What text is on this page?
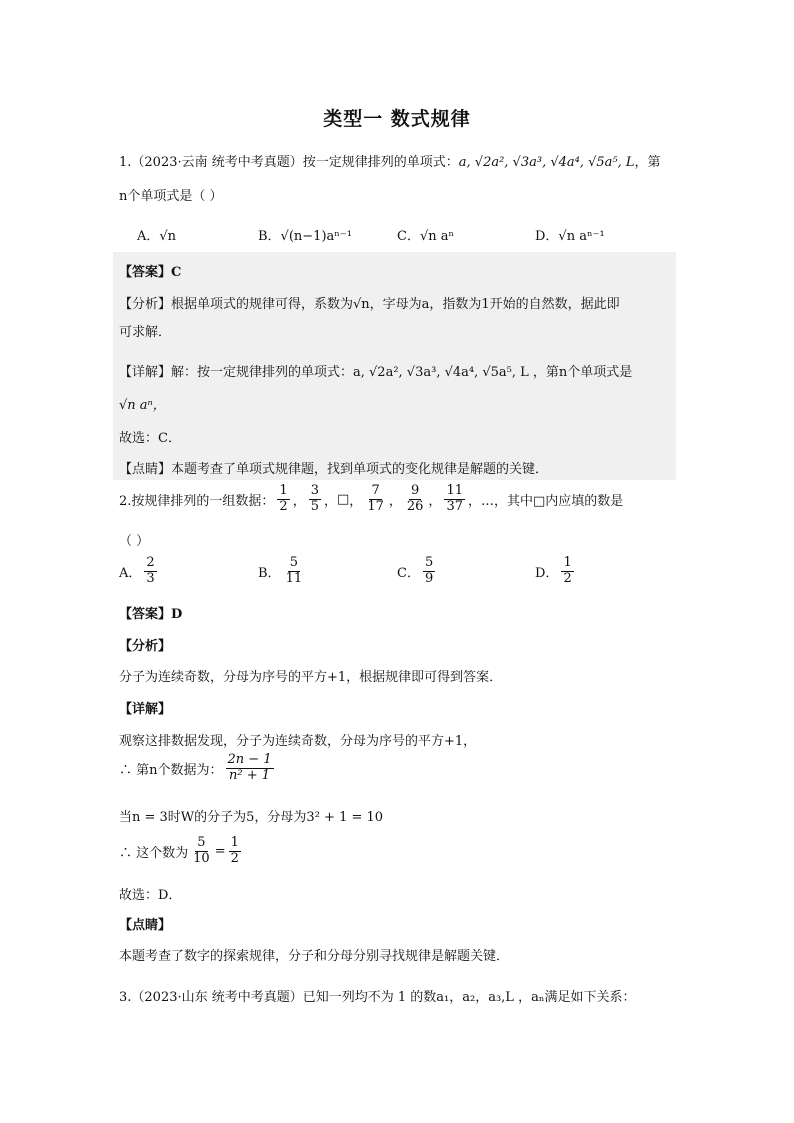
类型一 数式规律
1.（2023·云南 统考中考真题）按一定规律排列的单项式：a, √2a², √3a³, √4a⁴, √5a⁵, L，第
n个单项式是（ ）
A．√n	B．√(n−1)aⁿ⁻¹	C．√n aⁿ	D．√n aⁿ⁻¹
【答案】C
【分析】根据单项式的规律可得，系数为√n，字母为a，指数为1开始的自然数，据此即
可求解．
【详解】解：按一定规律排列的单项式：a, √2a², √3a³, √4a⁴, √5a⁵, L ，第n个单项式是
√n aⁿ，
故选：C．
【点睛】本题考查了单项式规律题，找到单项式的变化规律是解题的关键．
2.按规律排列的一组数据： $\frac{1}{2}$ ， $\frac{3}{5}$ ， □ ， $\frac{7}{17}$ ， $\frac{9}{26}$ ， $\frac{11}{37}$ ，…，其中□内应填的数是
（ ）
A． $\frac{2}{3}$	B． $\frac{5}{11}$	C． $\frac{5}{9}$	D． $\frac{1}{2}$
【答案】D
【分析】
分子为连续奇数，分母为序号的平方+1，根据规律即可得到答案．
【详解】
观察这排数据发现，分子为连续奇数，分母为序号的平方+1，
∴ 第n个数据为： $\frac{2n - 1}{\text{n² + 1}}$
当n = 3时W的分子为5，分母为3² + 1 = 10
∴ 这个数为 $\frac{5}{10} = \frac{1}{2}$
故选：D．
【点睛】
本题考查了数字的探索规律，分子和分母分别寻找规律是解题关键．
3.（2023·山东 统考中考真题）已知一列均不为 1 的数a₁，a₂，a₃,L ，aₙ满足如下关系：
